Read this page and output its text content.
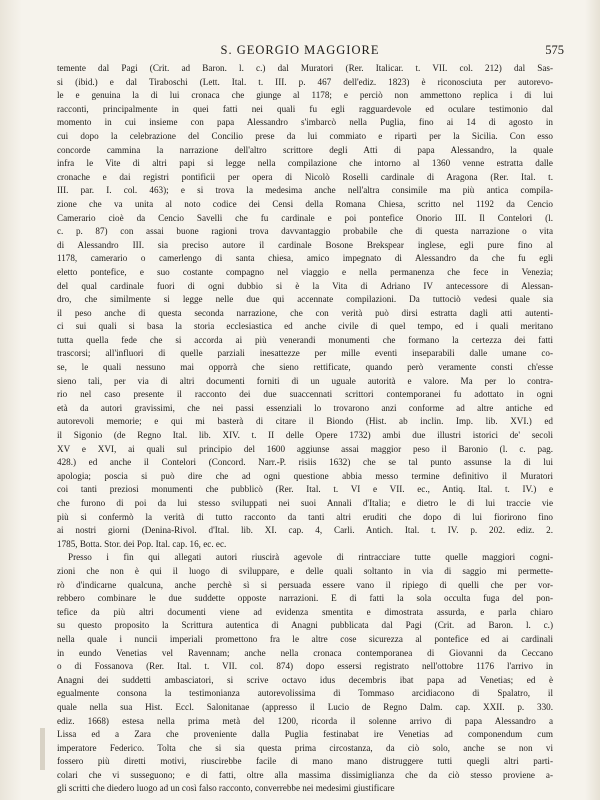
S. GEORGIO MAGGIORE	575
temente dal Pagi (Crit. ad Baron. l. c.) dal Muratori (Rer. Italicar. t. VII. col. 212) dal Sas-
si (ibid.) e dal Tiraboschi (Lett. Ital. t. III. p. 467 dell'ediz. 1823) è riconosciuta per autorevo-
le e genuina la di lui cronaca che giunge al 1178; e perciò non ammettono replica i di lui
racconti, principalmente in quei fatti nei quali fu egli ragguardevole ed oculare testimonio dal
momento in cui insieme con papa Alessandro s'imbarcò nella Puglia, fino ai 14 di agosto in
cui dopo la celebrazione del Concilio prese da lui commiato e ripartì per la Sicilia. Con esso
concorde cammina la narrazione dell'altro scrittore degli Atti di papa Alessandro, la quale
infra le Vite di altri papi si legge nella compilazione che intorno al 1360 venne estratta dalle
cronache e dai registri pontificii per opera di Nicolò Roselli cardinale di Aragona (Rer. Ital. t.
III. par. I. col. 463); e si trova la medesima anche nell'altra consimile ma più antica compila-
zione che va unita al noto codice dei Censi della Romana Chiesa, scritto nel 1192 da Cencio
Camerario cioè da Cencio Savelli che fu cardinale e poi pontefice Onorio III. Il Contelori (l.
c. p. 87) con assai buone ragioni trova davvantaggio probabile che di questa narrazione o vita
di Alessandro III. sia preciso autore il cardinale Bosone Brekspear inglese, egli pure fino al
1178, camerario o camerlengo di santa chiesa, amico impegnato di Alessandro da che fu egli
eletto pontefice, e suo costante compagno nel viaggio e nella permanenza che fece in Venezia;
del qual cardinale fuori di ogni dubbio si è la Vita di Adriano IV antecessore di Alessan-
dro, che similmente si legge nelle due qui accennate compilazioni. Da tuttociò vedesi quale sia
il peso anche di questa seconda narrazione, che con verità può dirsi estratta dagli atti autenti-
ci sui quali si basa la storia ecclesiastica ed anche civile di quel tempo, ed i quali meritano
tutta quella fede che si accorda ai più venerandi monumenti che formano la certezza dei fatti
trascorsi; all'influori di quelle parziali inesattezze per mille eventi inseparabili dalle umane co-
se, le quali nessuno mai opporrà che sieno rettificate, quando però veramente consti ch'esse
sieno tali, per via di altri documenti forniti di un uguale autorità e valore. Ma per lo contra-
rio nel caso presente il racconto dei due suaccennati scrittori contemporanei fu adottato in ogni
età da autori gravissimi, che nei passi essenziali lo trovarono anzi conforme ad altre antiche ed
autorevoli memorie; e qui mi basterà di citare il Biondo (Hist. ab inclin. Imp. lib. XVI.) ed
il Sigonio (de Regno Ital. lib. XIV. t. II delle Opere 1732) ambi due illustri istorici de' secoli
XV e XVI, ai quali sul principio del 1600 aggiunse assai maggior peso il Baronio (l. c. pag.
428.) ed anche il Contelori (Concord. Narr.-P. risiis 1632) che se tal punto assunse la di lui
apologia; poscia si può dire che ad ogni questione abbia messo termine definitivo il Muratori
coi tanti preziosi monumenti che pubblicò (Rer. Ital. t. VI e VII. ec., Antiq. Ital. t. IV.) e
che furono di poi da lui stesso sviluppati nei suoi Annali d'Italia; e dietro le di lui traccie vie
più si confermò la verità di tutto racconto da tanti altri eruditi che dopo di lui fiorirono fino
ai nostri giorni (Denina-Rivol. d'Ital. lib. XI. cap. 4, Carli. Antich. Ital. t. IV. p. 202. ediz. 2.
1785, Botta. Stor. dei Pop. Ital. cap. 16, ec. ec.
Presso i fin qui allegati autori riuscirà agevole di rintracciare tutte quelle maggiori cogni-
zioni che non è qui il luogo di sviluppare, e delle quali soltanto in via di saggio mi permette-
rò d'indicarne qualcuna, anche perchè sì si persuada essere vano il ripiego di quelli che per vor-
rebbero combinare le due suddette opposte narrazioni. E di fatti la sola occulta fuga del pon-
tefice da più altri documenti viene ad evidenza smentita e dimostrata assurda, e parla chiaro
su questo proposito la Scrittura autentica di Anagni pubblicata dal Pagi (Crit. ad Baron. l. c.)
nella quale i nuncii imperiali promettono fra le altre cose sicurezza al pontefice ed ai cardinali
in eundo Venetias vel Ravennam; anche nella cronaca contemporanea di Giovanni da Ceccano
o di Fossanova (Rer. Ital. t. VII. col. 874) dopo essersi registrato nell'ottobre 1176 l'arrivo in
Anagni dei suddetti ambasciatori, si scrive octavo idus decembris ibat papa ad Venetias; ed è
egualmente consona la testimonianza autorevolissima di Tommaso arcidiacono di Spalatro, il
quale nella sua Hist. Eccl. Salonitanae (appresso il Lucio de Regno Dalm. cap. XXII. p. 330.
ediz. 1668) estesa nella prima metà del 1200, ricorda il solenne arrivo di papa Alessandro a
Lissa ed a Zara che proveniente dalla Puglia festinabat ire Venetias ad componendum cum
imperatore Federico. Tolta che si sia questa prima circostanza, da ciò solo, anche se non vi
fossero più diretti motivi, riuscirebbe facile di mano mano distruggere tutti quegli altri parti-
colari che vi susseguono; e di fatti, oltre alla massima dissimiglianza che da ciò stesso proviene a-
gli scritti che diedero luogo ad un così falso racconto, converrebbe nei medesimi giustificare
